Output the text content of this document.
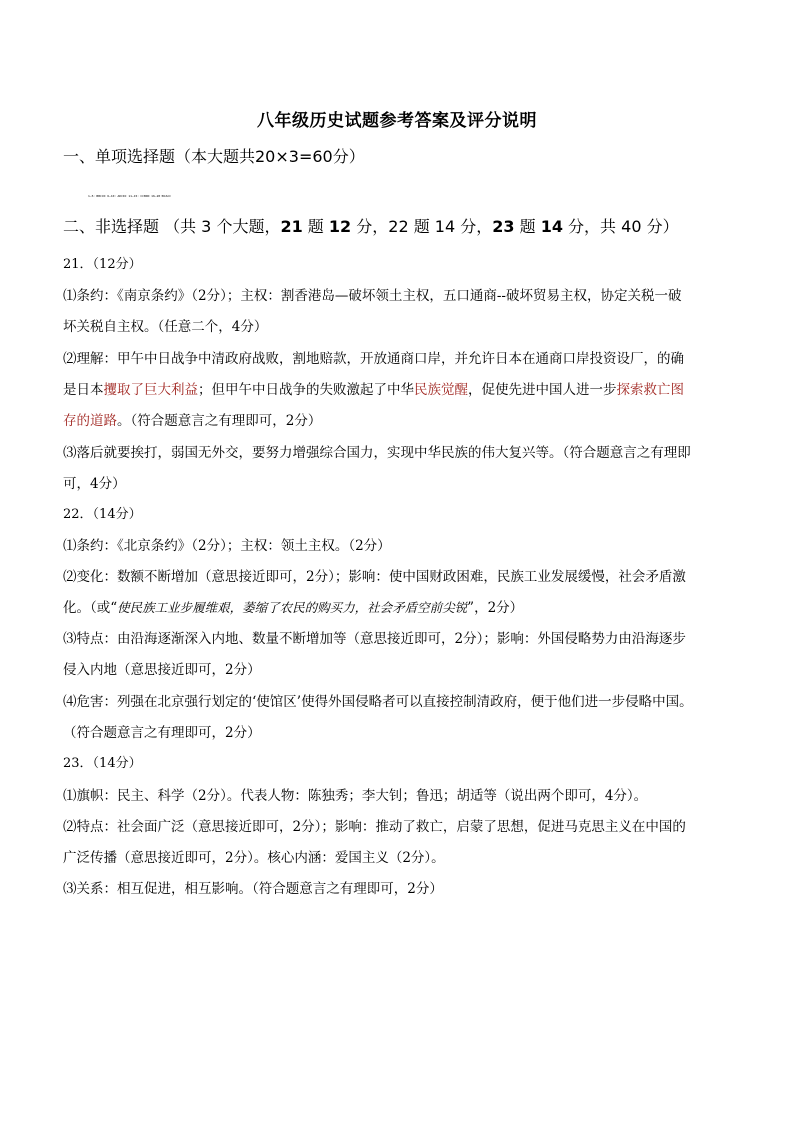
八年级历史试题参考答案及评分说明
一、单项选择题（本大题共20×3=60分）
1—5：BBCCD 6—10：ADCDC 11—15：CCBDD 16—20:BCACC
二、非选择题 （共 3 个大题，21 题 12 分，22 题 14 分，23 题 14 分，共 40 分）
21．（12分）
⑴条约：《南京条约》（2分）；主权：割香港岛—破坏领土主权，五口通商--破坏贸易主权，协定关税一破
坏关税自主权。（任意二个，4分）
⑵理解：甲午中日战争中清政府战败，割地赔款，开放通商口岸，并允许日本在通商口岸投资设厂，的确
是日本攫取了巨大利益；但甲午中日战争的失败激起了中华民族觉醒，促使先进中国人进一步探索救亡图
存的道路。（符合题意言之有理即可，2分）
⑶落后就要挨打，弱国无外交，要努力增强综合国力，实现中华民族的伟大复兴等。（符合题意言之有理即
可，4分）
22．（14分）
⑴条约：《北京条约》（2分）；主权：领土主权。（2分）
⑵变化：数额不断增加（意思接近即可，2分）；影响：使中国财政困难，民族工业发展缓慢，社会矛盾激
化。（或“使民族工业步履维艰，萎缩了农民的购买力，社会矛盾空前尖锐”，2分）
⑶特点：由沿海逐渐深入内地、数量不断增加等（意思接近即可，2分）；影响：外国侵略势力由沿海逐步
侵入内地（意思接近即可，2分）
⑷危害：列强在北京强行划定的‘使馆区’使得外国侵略者可以直接控制清政府，便于他们进一步侵略中国。
（符合题意言之有理即可，2分）
23．（14分）
⑴旗帜：民主、科学（2分）。代表人物：陈独秀；李大钊；鲁迅；胡适等（说出两个即可，4分）。
⑵特点：社会面广泛（意思接近即可，2分）；影响：推动了救亡，启蒙了思想，促进马克思主义在中国的
广泛传播（意思接近即可，2分）。核心内涵：爱国主义（2分）。
⑶关系：相互促进，相互影响。（符合题意言之有理即可，2分）
